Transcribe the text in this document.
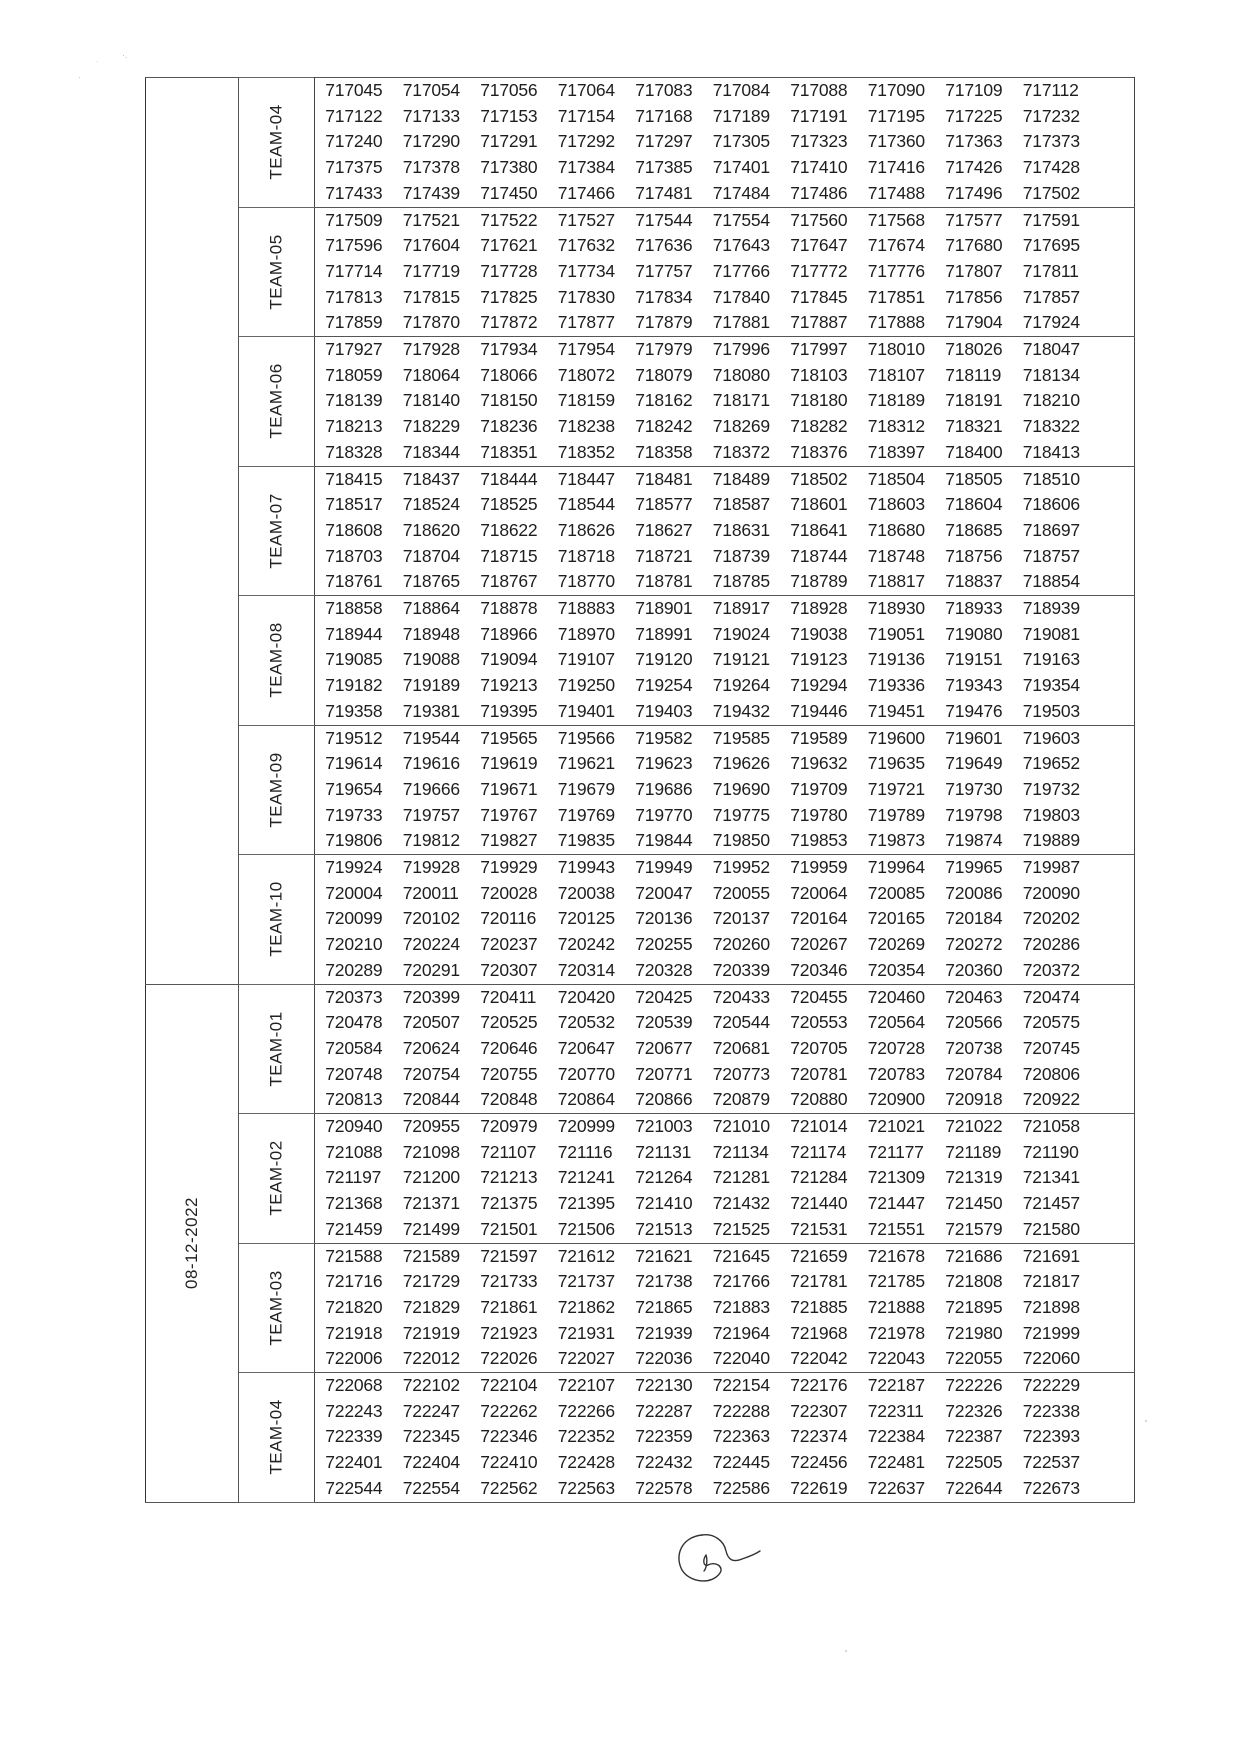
·
·.
˙

TEAM-04

717045	717054	717056	717064	717083	717084	717088	717090	717109	717112
717122	717133	717153	717154	717168	717189	717191	717195	717225	717232
717240	717290	717291	717292	717297	717305	717323	717360	717363	717373
717375	717378	717380	717384	717385	717401	717410	717416	717426	717428
717433	717439	717450	717466	717481	717484	717486	717488	717496	717502

TEAM-05

717509	717521	717522	717527	717544	717554	717560	717568	717577	717591
717596	717604	717621	717632	717636	717643	717647	717674	717680	717695
717714	717719	717728	717734	717757	717766	717772	717776	717807	717811
717813	717815	717825	717830	717834	717840	717845	717851	717856	717857
717859	717870	717872	717877	717879	717881	717887	717888	717904	717924

TEAM-06

717927	717928	717934	717954	717979	717996	717997	718010	718026	718047
718059	718064	718066	718072	718079	718080	718103	718107	718119	718134
718139	718140	718150	718159	718162	718171	718180	718189	718191	718210
718213	718229	718236	718238	718242	718269	718282	718312	718321	718322
718328	718344	718351	718352	718358	718372	718376	718397	718400	718413

TEAM-07

718415	718437	718444	718447	718481	718489	718502	718504	718505	718510
718517	718524	718525	718544	718577	718587	718601	718603	718604	718606
718608	718620	718622	718626	718627	718631	718641	718680	718685	718697
718703	718704	718715	718718	718721	718739	718744	718748	718756	718757
718761	718765	718767	718770	718781	718785	718789	718817	718837	718854

TEAM-08

718858	718864	718878	718883	718901	718917	718928	718930	718933	718939
718944	718948	718966	718970	718991	719024	719038	719051	719080	719081
719085	719088	719094	719107	719120	719121	719123	719136	719151	719163
719182	719189	719213	719250	719254	719264	719294	719336	719343	719354
719358	719381	719395	719401	719403	719432	719446	719451	719476	719503

TEAM-09

719512	719544	719565	719566	719582	719585	719589	719600	719601	719603
719614	719616	719619	719621	719623	719626	719632	719635	719649	719652
719654	719666	719671	719679	719686	719690	719709	719721	719730	719732
719733	719757	719767	719769	719770	719775	719780	719789	719798	719803
719806	719812	719827	719835	719844	719850	719853	719873	719874	719889

TEAM-10

719924	719928	719929	719943	719949	719952	719959	719964	719965	719987
720004	720011	720028	720038	720047	720055	720064	720085	720086	720090
720099	720102	720116	720125	720136	720137	720164	720165	720184	720202
720210	720224	720237	720242	720255	720260	720267	720269	720272	720286
720289	720291	720307	720314	720328	720339	720346	720354	720360	720372

08-12-2022

TEAM-01

720373	720399	720411	720420	720425	720433	720455	720460	720463	720474
720478	720507	720525	720532	720539	720544	720553	720564	720566	720575
720584	720624	720646	720647	720677	720681	720705	720728	720738	720745
720748	720754	720755	720770	720771	720773	720781	720783	720784	720806
720813	720844	720848	720864	720866	720879	720880	720900	720918	720922

TEAM-02

720940	720955	720979	720999	721003	721010	721014	721021	721022	721058
721088	721098	721107	721116	721131	721134	721174	721177	721189	721190
721197	721200	721213	721241	721264	721281	721284	721309	721319	721341
721368	721371	721375	721395	721410	721432	721440	721447	721450	721457
721459	721499	721501	721506	721513	721525	721531	721551	721579	721580

TEAM-03

721588	721589	721597	721612	721621	721645	721659	721678	721686	721691
721716	721729	721733	721737	721738	721766	721781	721785	721808	721817
721820	721829	721861	721862	721865	721883	721885	721888	721895	721898
721918	721919	721923	721931	721939	721964	721968	721978	721980	721999
722006	722012	722026	722027	722036	722040	722042	722043	722055	722060

TEAM-04

722068	722102	722104	722107	722130	722154	722176	722187	722226	722229
722243	722247	722262	722266	722287	722288	722307	722311	722326	722338
722339	722345	722346	722352	722359	722363	722374	722384	722387	722393
722401	722404	722410	722428	722432	722445	722456	722481	722505	722537
722544	722554	722562	722563	722578	722586	722619	722637	722644	722673
